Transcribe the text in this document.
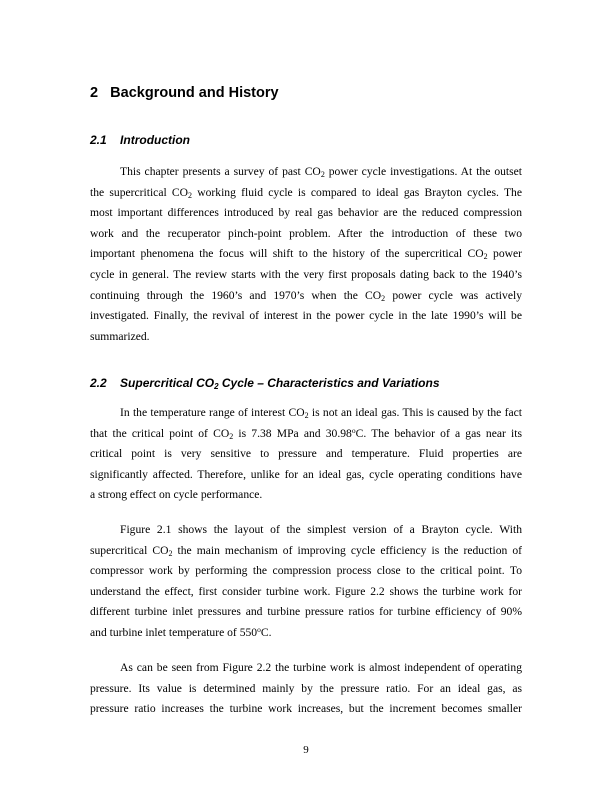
2 Background and History
2.1 Introduction
This chapter presents a survey of past $CO_2$ power cycle investigations. At the outset
the supercritical $CO_2$ working fluid cycle is compared to ideal gas Brayton cycles. The
most important differences introduced by real gas behavior are the reduced compression
work and the recuperator pinch-point problem. After the introduction of these two
important phenomena the focus will shift to the history of the supercritical $CO_2$ power
cycle in general. The review starts with the very first proposals dating back to the 1940’s
continuing through the 1960’s and 1970’s when the $CO_2$ power cycle was actively
investigated. Finally, the revival of interest in the power cycle in the late 1990’s will be
summarized.
2.2 Supercritical $CO_2$ Cycle – Characteristics and Variations
In the temperature range of interest $CO_2$ is not an ideal gas. This is caused by the fact
that the critical point of $CO_2$ is 7.38 MPa and 30.98$^o$C. The behavior of a gas near its
critical point is very sensitive to pressure and temperature. Fluid properties are
significantly affected. Therefore, unlike for an ideal gas, cycle operating conditions have
a strong effect on cycle performance.
Figure 2.1 shows the layout of the simplest version of a Brayton cycle. With
supercritical $CO_2$ the main mechanism of improving cycle efficiency is the reduction of
compressor work by performing the compression process close to the critical point. To
understand the effect, first consider turbine work. Figure 2.2 shows the turbine work for
different turbine inlet pressures and turbine pressure ratios for turbine efficiency of 90%
and turbine inlet temperature of 550$^o$C.
As can be seen from Figure 2.2 the turbine work is almost independent of operating
pressure. Its value is determined mainly by the pressure ratio. For an ideal gas, as
pressure ratio increases the turbine work increases, but the increment becomes smaller
9
